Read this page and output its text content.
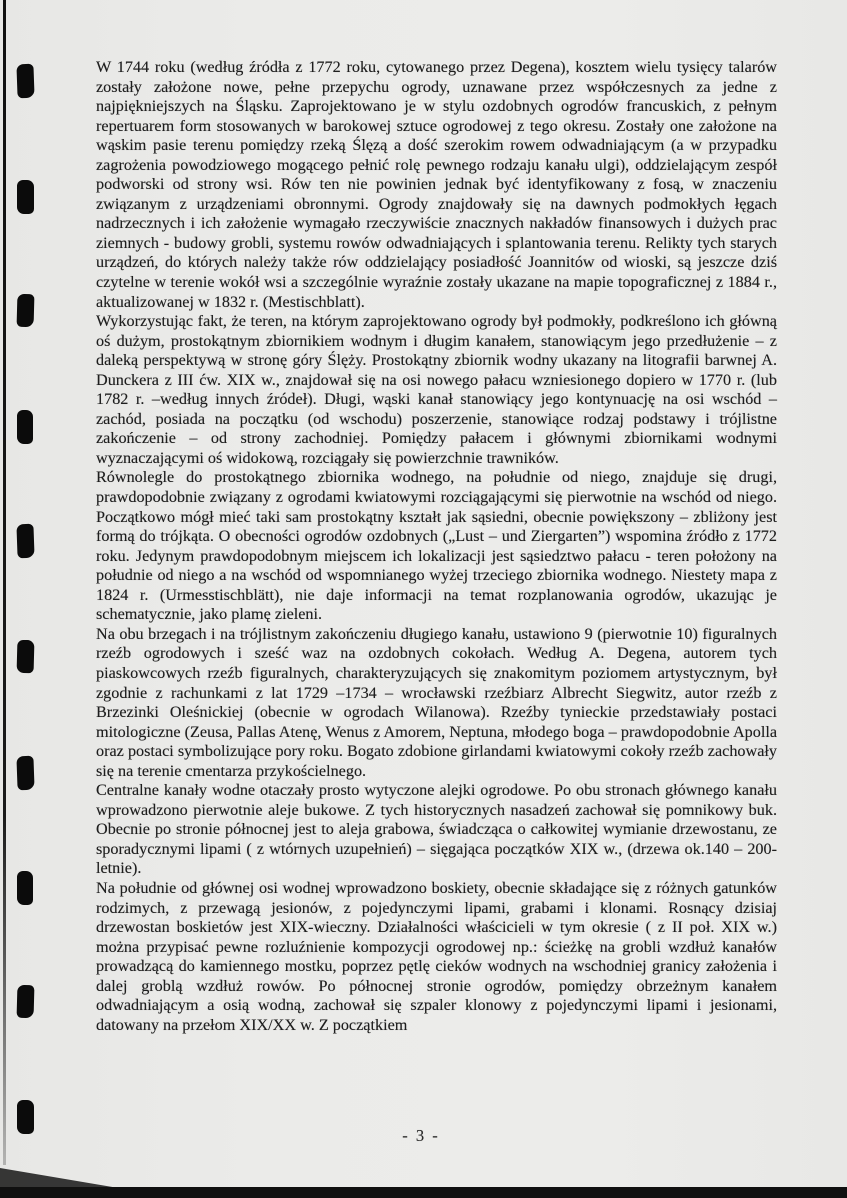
W 1744 roku (według źródła z 1772 roku, cytowanego przez Degena), kosztem wielu tysięcy talarów zostały założone nowe, pełne przepychu ogrody, uznawane przez współczesnych za jedne z najpiękniejszych na Śląsku. Zaprojektowano je w stylu ozdobnych ogrodów francuskich, z pełnym repertuarem form stosowanych w barokowej sztuce ogrodowej z tego okresu. Zostały one założone na wąskim pasie terenu pomiędzy rzeką Ślęzą a dość szerokim rowem odwadniającym (a w przypadku zagrożenia powodziowego mogącego pełnić rolę pewnego rodzaju kanału ulgi), oddzielającym zespół podworski od strony wsi. Rów ten nie powinien jednak być identyfikowany z fosą, w znaczeniu związanym z urządzeniami obronnymi. Ogrody znajdowały się na dawnych podmokłych łęgach nadrzecznych i ich założenie wymagało rzeczywiście znacznych nakładów finansowych i dużych prac ziemnych - budowy grobli, systemu rowów odwadniających i splantowania terenu. Relikty tych starych urządzeń, do których należy także rów oddzielający posiadłość Joannitów od wioski, są jeszcze dziś czytelne w terenie wokół wsi a szczególnie wyraźnie zostały ukazane na mapie topograficznej z 1884 r., aktualizowanej w 1832 r. (Mestischblatt).

Wykorzystując fakt, że teren, na którym zaprojektowano ogrody był podmokły, podkreślono ich główną oś dużym, prostokątnym zbiornikiem wodnym i długim kanałem, stanowiącym jego przedłużenie – z daleką perspektywą w stronę góry Ślęży. Prostokątny zbiornik wodny ukazany na litografii barwnej A. Dunckera z III ćw. XIX w., znajdował się na osi nowego pałacu wzniesionego dopiero w 1770 r. (lub 1782 r. –według innych źródeł). Długi, wąski kanał stanowiący jego kontynuację na osi wschód – zachód, posiada na początku (od wschodu) poszerzenie, stanowiące rodzaj podstawy i trójlistne zakończenie – od strony zachodniej. Pomiędzy pałacem i głównymi zbiornikami wodnymi wyznaczającymi oś widokową, rozciągały się powierzchnie trawników.

Równolegle do prostokątnego zbiornika wodnego, na południe od niego, znajduje się drugi, prawdopodobnie związany z ogrodami kwiatowymi rozciągającymi się pierwotnie na wschód od niego. Początkowo mógł mieć taki sam prostokątny kształt jak sąsiedni, obecnie powiększony – zbliżony jest formą do trójkąta. O obecności ogrodów ozdobnych („Lust – und Ziergarten”) wspomina źródło z 1772 roku. Jedynym prawdopodobnym miejscem ich lokalizacji jest sąsiedztwo pałacu - teren położony na południe od niego a na wschód od wspomnianego wyżej trzeciego zbiornika wodnego. Niestety mapa z 1824 r. (Urmesstischblätt), nie daje informacji na temat rozplanowania ogrodów, ukazując je schematycznie, jako plamę zieleni.

Na obu brzegach i na trójlistnym zakończeniu długiego kanału, ustawiono 9 (pierwotnie 10) figuralnych rzeźb ogrodowych i sześć waz na ozdobnych cokołach. Według A. Degena, autorem tych piaskowcowych rzeźb figuralnych, charakteryzujących się znakomitym poziomem artystycznym, był zgodnie z rachunkami z lat 1729 –1734 – wrocławski rzeźbiarz Albrecht Siegwitz, autor rzeźb z Brzezinki Oleśnickiej (obecnie w ogrodach Wilanowa). Rzeźby tynieckie przedstawiały postaci mitologiczne (Zeusa, Pallas Atenę, Wenus z Amorem, Neptuna, młodego boga – prawdopodobnie Apolla oraz postaci symbolizujące pory roku. Bogato zdobione girlandami kwiatowymi cokoły rzeźb zachowały się na terenie cmentarza przykościelnego.

Centralne kanały wodne otaczały prosto wytyczone alejki ogrodowe. Po obu stronach głównego kanału wprowadzono pierwotnie aleje bukowe. Z tych historycznych nasadzeń zachował się pomnikowy buk. Obecnie po stronie północnej jest to aleja grabowa, świadcząca o całkowitej wymianie drzewostanu, ze sporadycznymi lipami ( z wtórnych uzupełnień) – sięgająca początków XIX w., (drzewa ok.140 – 200-letnie).

Na południe od głównej osi wodnej wprowadzono boskiety, obecnie składające się z różnych gatunków rodzimych, z przewagą jesionów, z pojedynczymi lipami, grabami i klonami. Rosnący dzisiaj drzewostan boskietów jest XIX-wieczny. Działalności właścicieli w tym okresie ( z II poł. XIX w.) można przypisać pewne rozluźnienie kompozycji ogrodowej np.: ścieżkę na grobli wzdłuż kanałów prowadzącą do kamiennego mostku, poprzez pętlę cieków wodnych na wschodniej granicy założenia i dalej groblą wzdłuż rowów. Po północnej stronie ogrodów, pomiędzy obrzeżnym kanałem odwadniającym a osią wodną, zachował się szpaler klonowy z pojedynczymi lipami i jesionami, datowany na przełom XIX/XX w. Z początkiem

- 3 -
